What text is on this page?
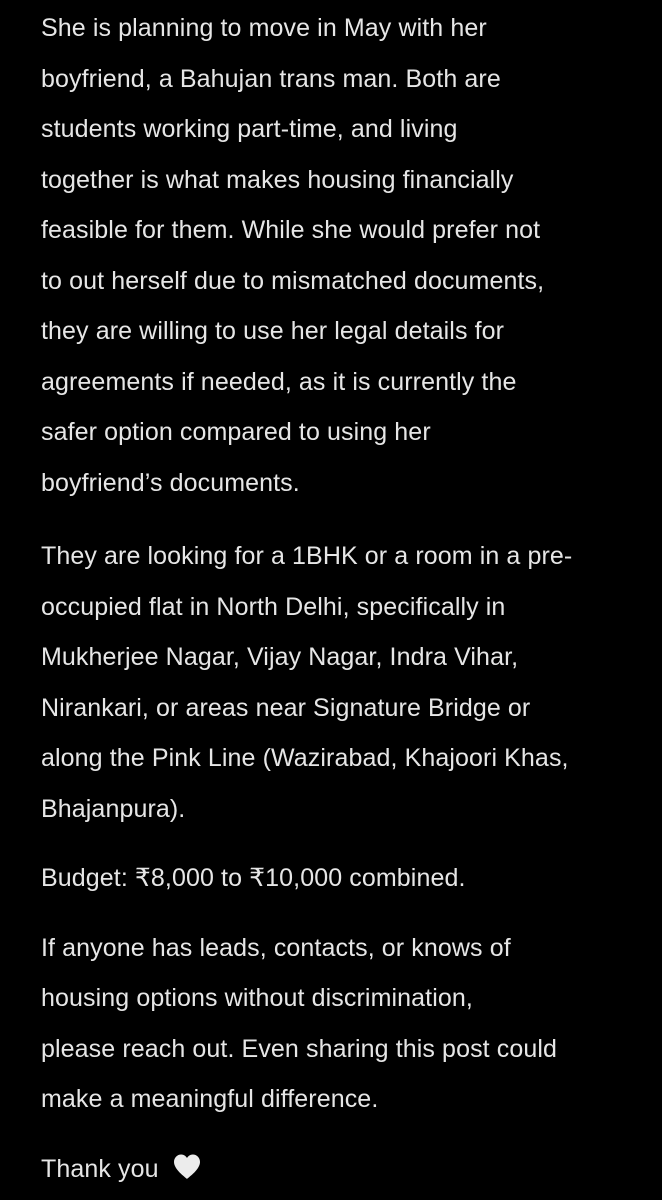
She is planning to move in May with her
boyfriend, a Bahujan trans man. Both are
students working part-time, and living
together is what makes housing financially
feasible for them. While she would prefer not
to out herself due to mismatched documents,
they are willing to use her legal details for
agreements if needed, as it is currently the
safer option compared to using her
boyfriend’s documents.

They are looking for a 1BHK or a room in a pre-
occupied flat in North Delhi, specifically in
Mukherjee Nagar, Vijay Nagar, Indra Vihar,
Nirankari, or areas near Signature Bridge or
along the Pink Line (Wazirabad, Khajoori Khas,
Bhajanpura).

Budget: ₹8,000 to ₹10,000 combined.

If anyone has leads, contacts, or knows of
housing options without discrimination,
please reach out. Even sharing this post could
make a meaningful difference.

Thank you
